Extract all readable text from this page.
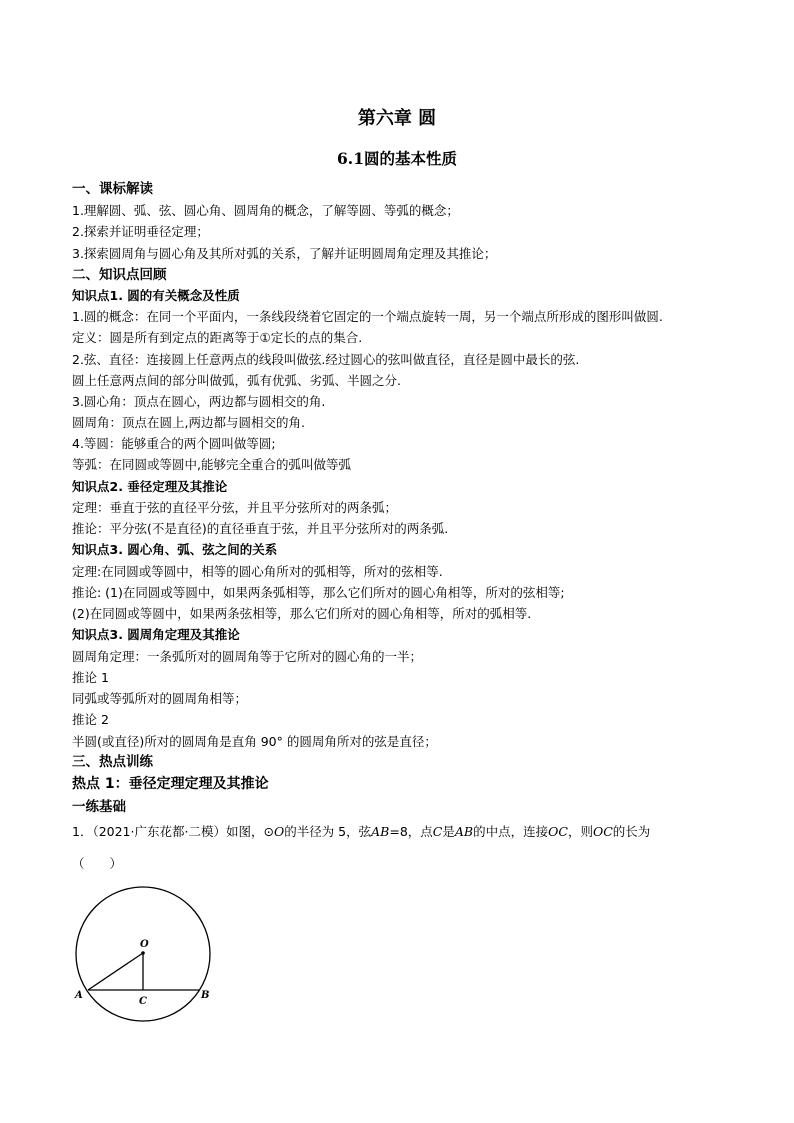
第六章 圆
6.1圆的基本性质
一、课标解读
1.理解圆、弧、弦、圆心角、圆周角的概念，了解等圆、等弧的概念；
2.探索并证明垂径定理；
3.探索圆周角与圆心角及其所对弧的关系，了解并证明圆周角定理及其推论；
二、知识点回顾
知识点1. 圆的有关概念及性质
1.圆的概念：在同一个平面内，一条线段绕着它固定的一个端点旋转一周，另一个端点所形成的图形叫做圆.
定义：圆是所有到定点的距离等于①定长的点的集合.
2.弦、直径：连接圆上任意两点的线段叫做弦.经过圆心的弦叫做直径，直径是圆中最长的弦.
圆上任意两点间的部分叫做弧，弧有优弧、劣弧、半圆之分.
3.圆心角：顶点在圆心，两边都与圆相交的角.
圆周角：顶点在圆上,两边都与圆相交的角.
4.等圆：能够重合的两个圆叫做等圆;
等弧：在同圆或等圆中,能够完全重合的弧叫做等弧
知识点2. 垂径定理及其推论
定理：垂直于弦的直径平分弦，并且平分弦所对的两条弧；
推论：平分弦(不是直径)的直径垂直于弦，并且平分弦所对的两条弧.
知识点3. 圆心角、弧、弦之间的关系
定理:在同圆或等圆中，相等的圆心角所对的弧相等，所对的弦相等.
推论: (1)在同圆或等圆中，如果两条弧相等，那么它们所对的圆心角相等，所对的弦相等;
(2)在同圆或等圆中，如果两条弦相等，那么它们所对的圆心角相等，所对的弧相等.
知识点3. 圆周角定理及其推论
圆周角定理：一条弧所对的圆周角等于它所对的圆心角的一半；
推论 1
同弧或等弧所对的圆周角相等；
推论 2
半圆(或直径)所对的圆周角是直角 90° 的圆周角所对的弦是直径；
三、热点训练
热点 1：垂径定理定理及其推论
一练基础
1．（2021·广东花都·二模）如图，⊙O的半径为 5，弦AB=8，点C是AB的中点，连接OC，则OC的长为
（　　）
O
A	B
C
